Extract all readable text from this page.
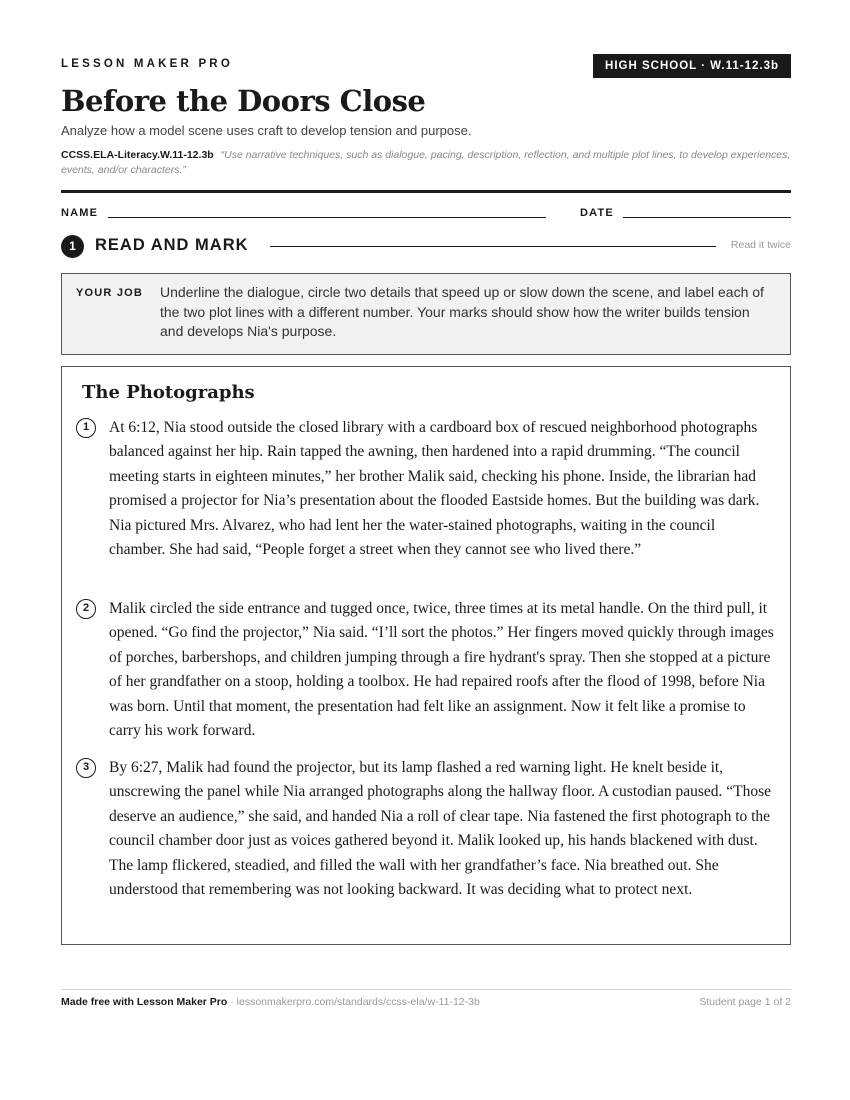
LESSON MAKER PRO	HIGH SCHOOL · W.11-12.3b
Before the Doors Close
Analyze how a model scene uses craft to develop tension and purpose.
CCSS.ELA-Literacy.W.11-12.3b “Use narrative techniques, such as dialogue, pacing, description, reflection, and multiple plot lines, to develop experiences, events, and/or characters.”
NAME	DATE
1	READ AND MARK	Read it twice
YOUR JOB Underline the dialogue, circle two details that speed up or slow down the scene, and label each of the two plot lines with a different number. Your marks should show how the writer builds tension and develops Nia's purpose.
The Photographs
1	At 6:12, Nia stood outside the closed library with a cardboard box of rescued neighborhood photographs balanced against her hip. Rain tapped the awning, then hardened into a rapid drumming. “The council meeting starts in eighteen minutes,” her brother Malik said, checking his phone. Inside, the librarian had promised a projector for Nia’s presentation about the flooded Eastside homes. But the building was dark. Nia pictured Mrs. Alvarez, who had lent her the water-stained photographs, waiting in the council chamber. She had said, “People forget a street when they cannot see who lived there.”
2	Malik circled the side entrance and tugged once, twice, three times at its metal handle. On the third pull, it opened. “Go find the projector,” Nia said. “I’ll sort the photos.” Her fingers moved quickly through images of porches, barbershops, and children jumping through a fire hydrant's spray. Then she stopped at a picture of her grandfather on a stoop, holding a toolbox. He had repaired roofs after the flood of 1998, before Nia was born. Until that moment, the presentation had felt like an assignment. Now it felt like a promise to carry his work forward.
3	By 6:27, Malik had found the projector, but its lamp flashed a red warning light. He knelt beside it, unscrewing the panel while Nia arranged photographs along the hallway floor. A custodian paused. “Those deserve an audience,” she said, and handed Nia a roll of clear tape. Nia fastened the first photograph to the council chamber door just as voices gathered beyond it. Malik looked up, his hands blackened with dust. The lamp flickered, steadied, and filled the wall with her grandfather’s face. Nia breathed out. She understood that remembering was not looking backward. It was deciding what to protect next.
Made free with Lesson Maker Pro · lessonmakerpro.com/standards/ccss-ela/w-11-12-3b	Student page 1 of 2
